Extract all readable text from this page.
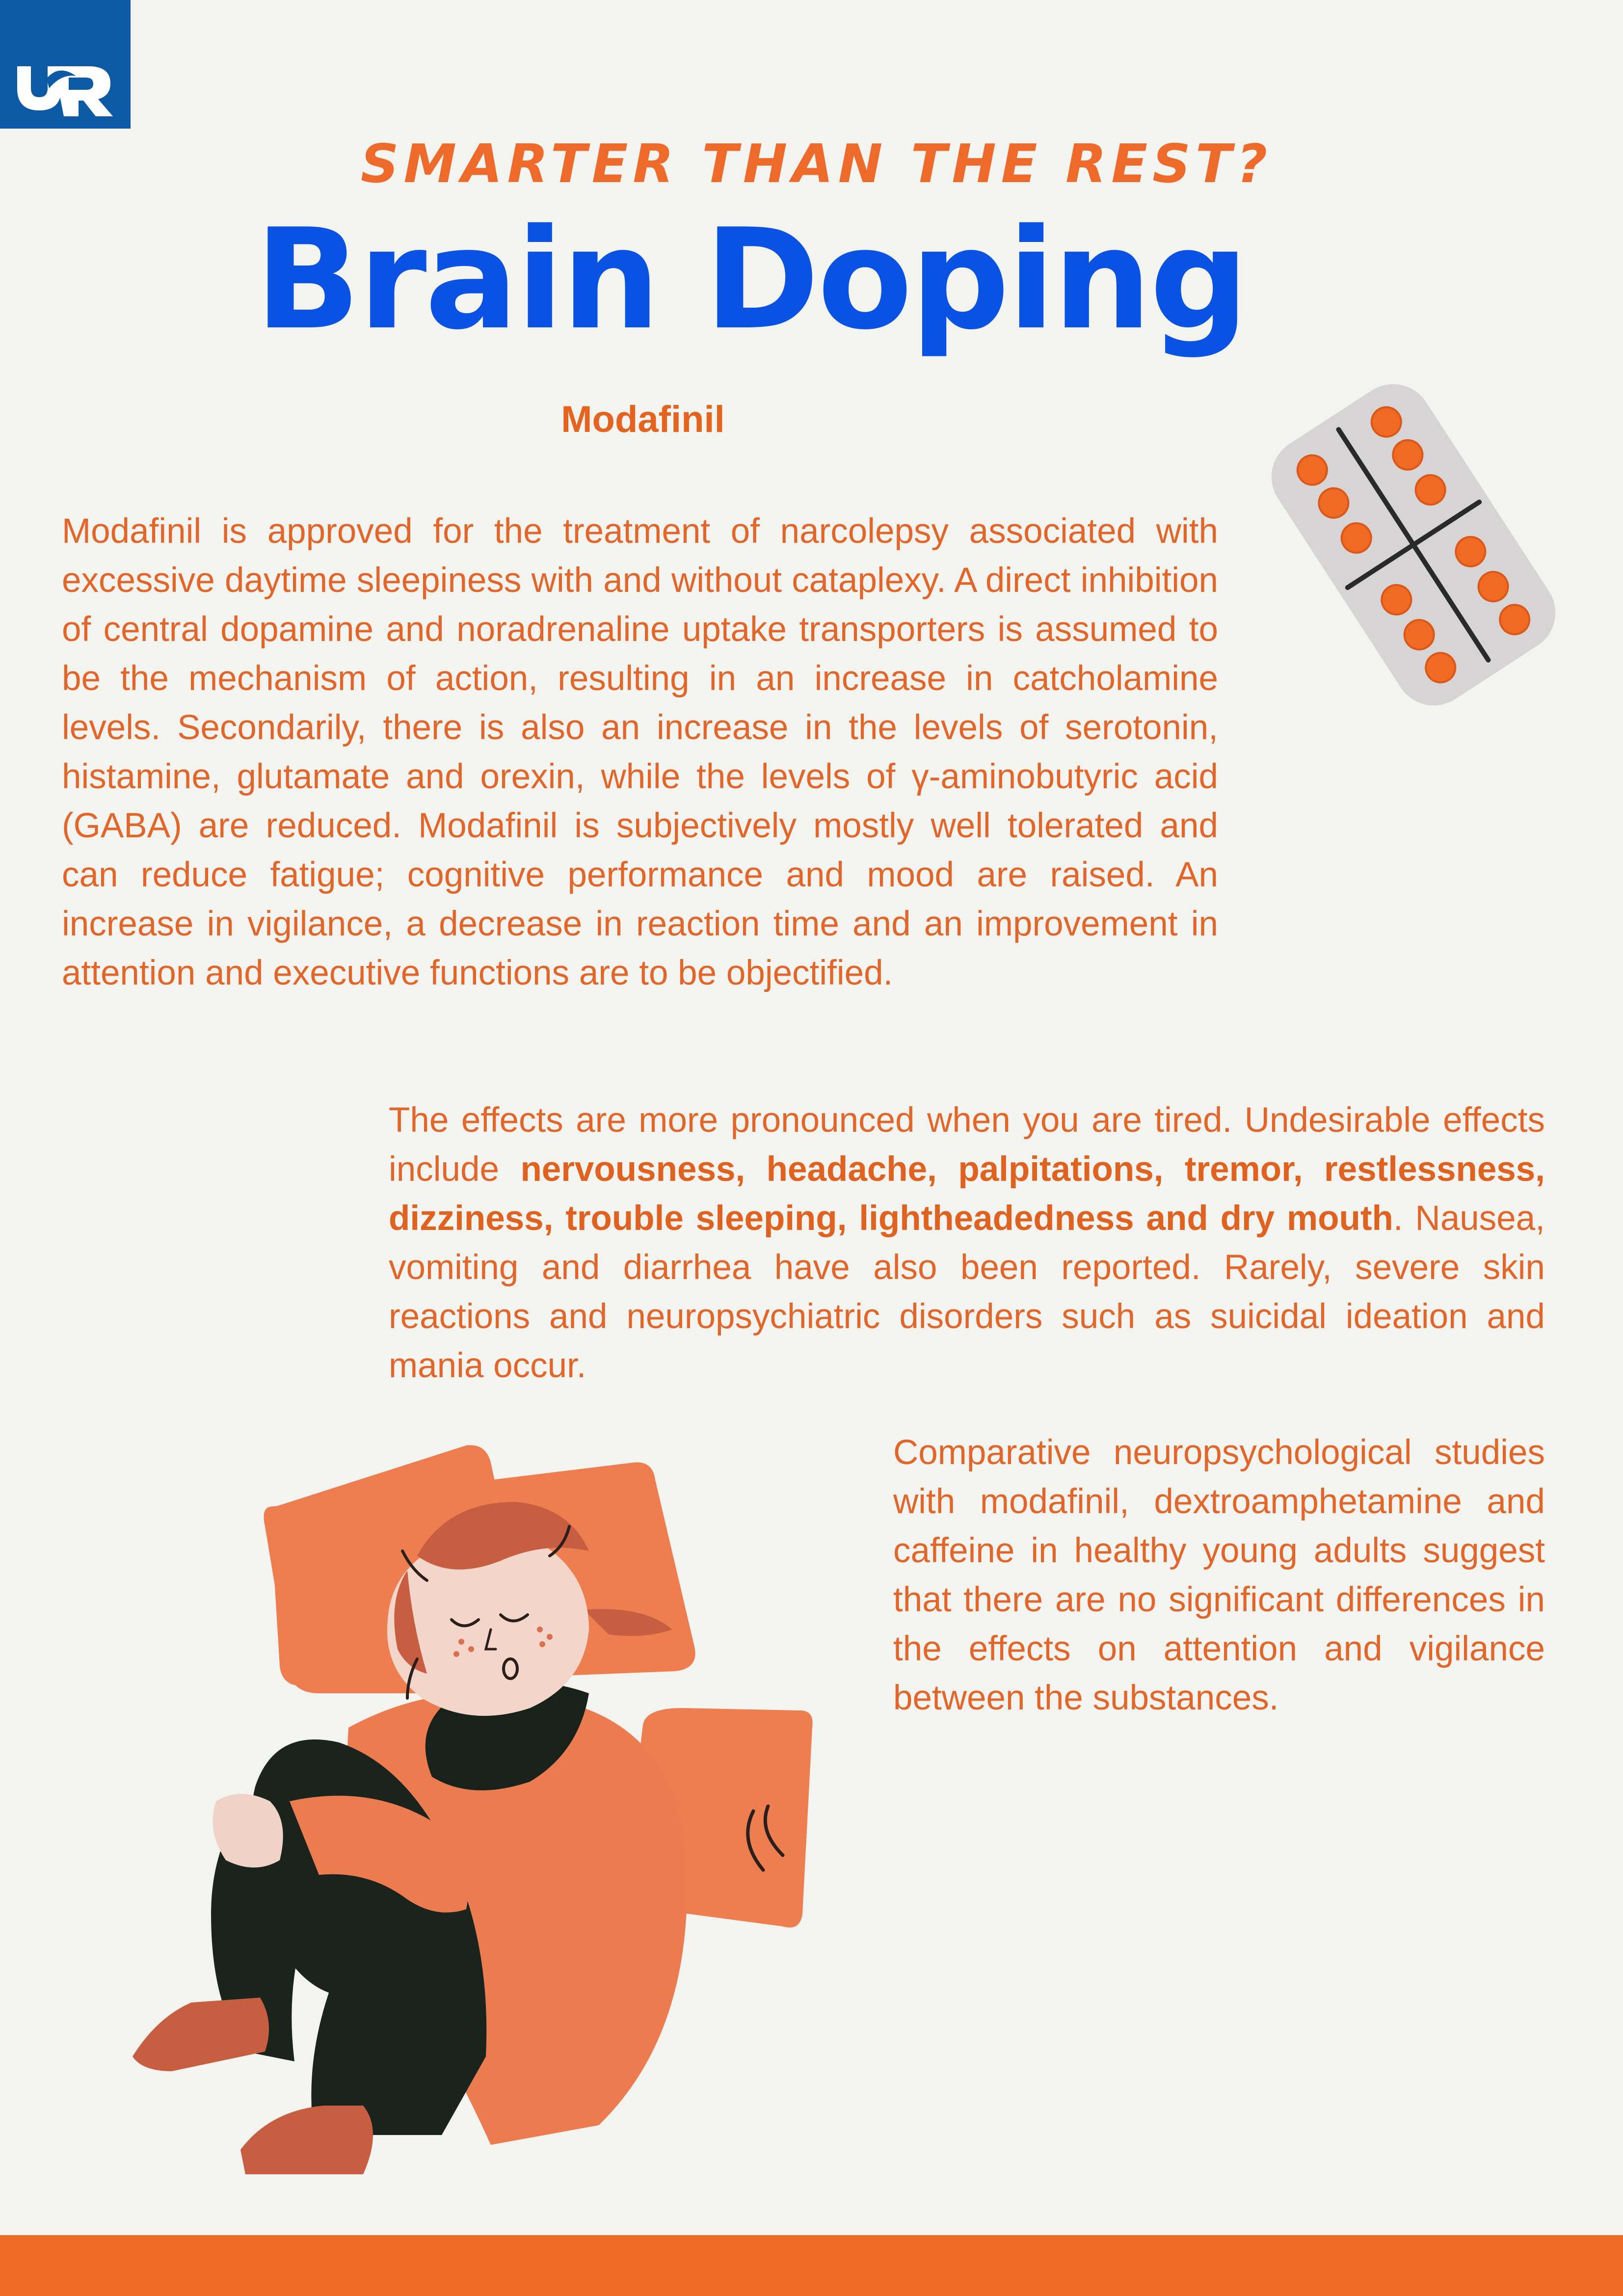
SMARTER THAN THE REST?
Brain Doping
Modafinil

Modafinil is approved for the treatment of narcolepsy associated with excessive daytime sleepiness with and without cataplexy. A direct inhibition of central dopamine and noradrenaline uptake transporters is assumed to be the mechanism of action, resulting in an increase in catcholamine levels. Secondarily, there is also an increase in the levels of serotonin, histamine, glutamate and orexin, while the levels of γ-aminobutyric acid (GABA) are reduced. Modafinil is subjectively mostly well tolerated and can reduce fatigue; cognitive performance and mood are raised. An increase in vigilance, a decrease in reaction time and an improvement in attention and executive functions are to be objectified.

The effects are more pronounced when you are tired. Undesirable effects include nervousness, headache, palpitations, tremor, restlessness, dizziness, trouble sleeping, lightheadedness and dry mouth. Nausea, vomiting and diarrhea have also been reported. Rarely, severe skin reactions and neuropsychiatric disorders such as suicidal ideation and mania occur.

Comparative neuropsychological studies with modafinil, dextroamphetamine and caffeine in healthy young adults suggest that there are no significant differences in the effects on attention and vigilance between the substances.
